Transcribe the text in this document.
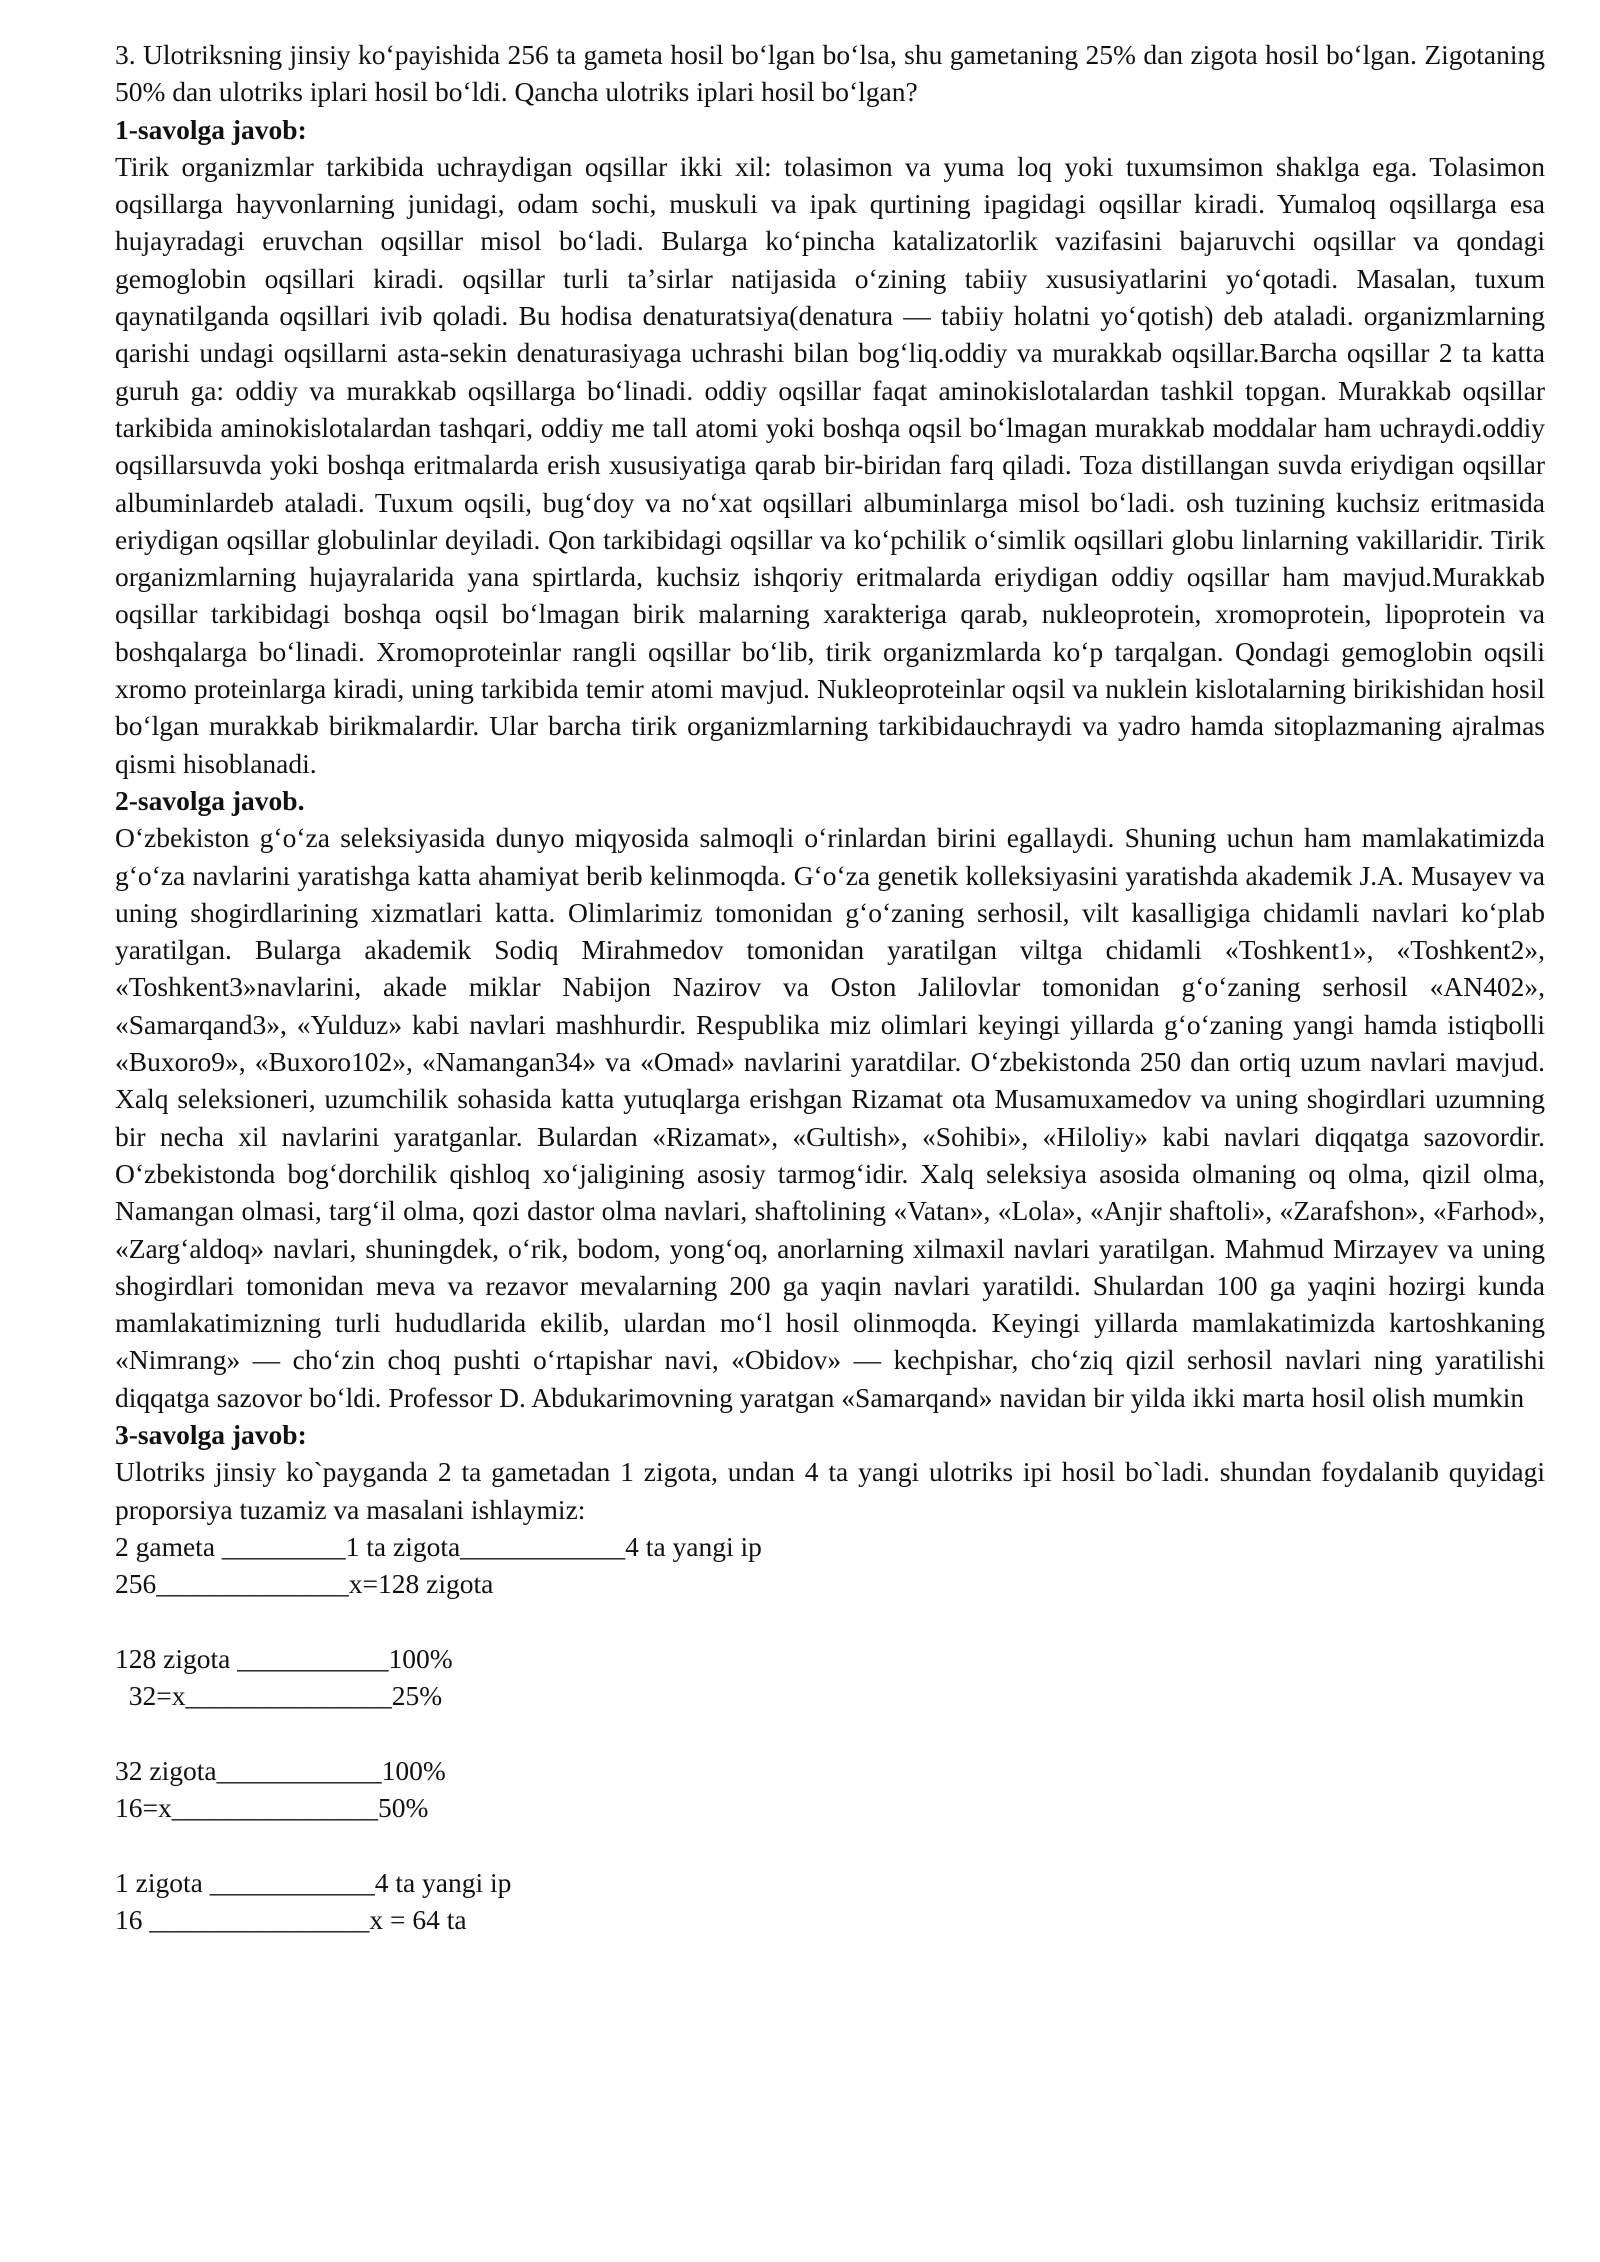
3. Ulotriksning jinsiy koʻpayishida 256 ta gameta hosil boʻlgan boʻlsa, shu gametaning 25% dan zigota hosil boʻlgan. Zigotaning 50% dan ulotriks iplari hosil boʻldi. Qancha ulotriks iplari hosil boʻlgan?

1-savolga javob:

Tirik organizmlar tarkibida uchraydigan oqsillar ikki xil: tolasimon va yuma loq yoki tuxumsimon shaklga ega. Tolasimon oqsillarga hayvonlarning junidagi, odam sochi, muskuli va ipak qurtining ipagidagi oqsillar kiradi. Yumaloq oqsillarga esa hujayradagi eruvchan oqsillar misol boʻladi. Bularga koʻpincha katalizatorlik vazifasini bajaruvchi oqsillar va qondagi gemoglobin oqsillari kiradi. oqsillar turli taʼsirlar natijasida oʻzining tabiiy xususiyatlarini yoʻqotadi. Masalan, tuxum qaynatilganda oqsillari ivib qoladi. Bu hodisa denaturatsiya(denatura — tabiiy holatni yoʻqotish) deb ataladi. organizmlarning qarishi undagi oqsillarni asta-sekin denaturasiyaga uchrashi bilan bogʻliq.oddiy va murakkab oqsillar.Barcha oqsillar 2 ta katta guruh ga: oddiy va murakkab oqsillarga boʻlinadi. oddiy oqsillar faqat aminokislotalardan tashkil topgan. Murakkab oqsillar tarkibida aminokislotalardan tashqari, oddiy me tall atomi yoki boshqa oqsil boʻlmagan murakkab moddalar ham uchraydi.oddiy oqsillarsuvda yoki boshqa eritmalarda erish xususiyatiga qarab bir-biridan farq qiladi. Toza distillangan suvda eriydigan oqsillar albuminlardeb ataladi. Tuxum oqsili, bugʻdoy va noʻxat oqsillari albuminlarga misol boʻladi. osh tuzining kuchsiz eritmasida eriydigan oqsillar globulinlar deyiladi. Qon tarkibidagi oqsillar va koʻpchilik oʻsimlik oqsillari globu linlarning vakillaridir. Tirik organizmlarning hujayralarida yana spirtlarda, kuchsiz ishqoriy eritmalarda eriydigan oddiy oqsillar ham mavjud.Murakkab oqsillar tarkibidagi boshqa oqsil boʻlmagan birik malarning xarakteriga qarab, nukleoprotein, xromoprotein, lipoprotein va boshqalarga boʻlinadi. Xromoproteinlar rangli oqsillar boʻlib, tirik organizmlarda koʻp tarqalgan. Qondagi gemoglobin oqsili xromo proteinlarga kiradi, uning tarkibida temir atomi mavjud. Nukleoproteinlar oqsil va nuklein kislotalarning birikishidan hosil boʻlgan murakkab birikmalardir. Ular barcha tirik organizmlarning tarkibidauchraydi va yadro hamda sitoplazmaning ajralmas qismi hisoblanadi.

2-savolga javob.

Oʻzbekiston gʻoʻza seleksiyasida dunyo miqyosida salmoqli oʻrinlardan birini egallaydi. Shuning uchun ham mamlakatimizda gʻoʻza navlarini yaratishga katta ahamiyat berib kelinmoqda. Gʻoʻza genetik kolleksiyasini yaratishda akademik J.A. Musayev va uning shogirdlarining xizmatlari katta. Olimlarimiz tomonidan gʻoʻzaning serhosil, vilt kasalligiga chidamli navlari koʻplab yaratilgan. Bularga akademik Sodiq Mirahmedov tomonidan yaratilgan viltga chidamli «Toshkent1», «Toshkent2», «Toshkent3»navlarini, akade miklar Nabijon Nazirov va Oston Jalilovlar tomonidan gʻoʻzaning serhosil «AN402», «Samarqand3», «Yulduz» kabi navlari mashhurdir. Respublika miz olimlari keyingi yillarda gʻoʻzaning yangi hamda istiqbolli «Buxoro9», «Buxoro102», «Namangan34» va «Omad» navlarini yaratdilar. Oʻzbekistonda 250 dan ortiq uzum navlari mavjud. Xalq seleksioneri, uzumchilik sohasida katta yutuqlarga erishgan Rizamat ota Musamuxamedov va uning shogirdlari uzumning bir necha xil navlarini yaratganlar. Bulardan «Rizamat», «Gultish», «Sohibi», «Hiloliy» kabi navlari diqqatga sazovordir. Oʻzbekistonda bogʻdorchilik qishloq xoʻjaligining asosiy tarmogʻidir. Xalq seleksiya asosida olmaning oq olma, qizil olma, Namangan olmasi, targʻil olma, qozi dastor olma navlari, shaftolining «Vatan», «Lola», «Anjir shaftoli», «Zarafshon», «Farhod», «Zargʻaldoq» navlari, shuningdek, oʻrik, bodom, yongʻoq, anorlarning xilmaxil navlari yaratilgan. Mahmud Mirzayev va uning shogirdlari tomonidan meva va rezavor mevalarning 200 ga yaqin navlari yaratildi. Shulardan 100 ga yaqini hozirgi kunda mamlakatimizning turli hududlarida ekilib, ulardan moʻl hosil olinmoqda. Keyingi yillarda mamlakatimizda kartoshkaning «Nimrang» — choʻzin choq pushti oʻrtapishar navi, «Obidov» — kechpishar, choʻziq qizil serhosil navlari ning yaratilishi diqqatga sazovor boʻldi. Professor D. Abdukarimovning yaratgan «Samarqand» navidan bir yilda ikki marta hosil olish mumkin

3-savolga javob:

Ulotriks jinsiy ko`payganda 2 ta gametadan 1 zigota, undan 4 ta yangi ulotriks ipi hosil bo`ladi. shundan foydalanib quyidagi proporsiya tuzamiz va masalani ishlaymiz:

2 gameta _________1 ta zigota____________4 ta yangi ip

256______________x=128 zigota

128 zigota ___________100%

32=x_______________25%

32 zigota____________100%

16=x_______________50%

1 zigota ____________4 ta yangi ip

16 ________________x = 64 ta
